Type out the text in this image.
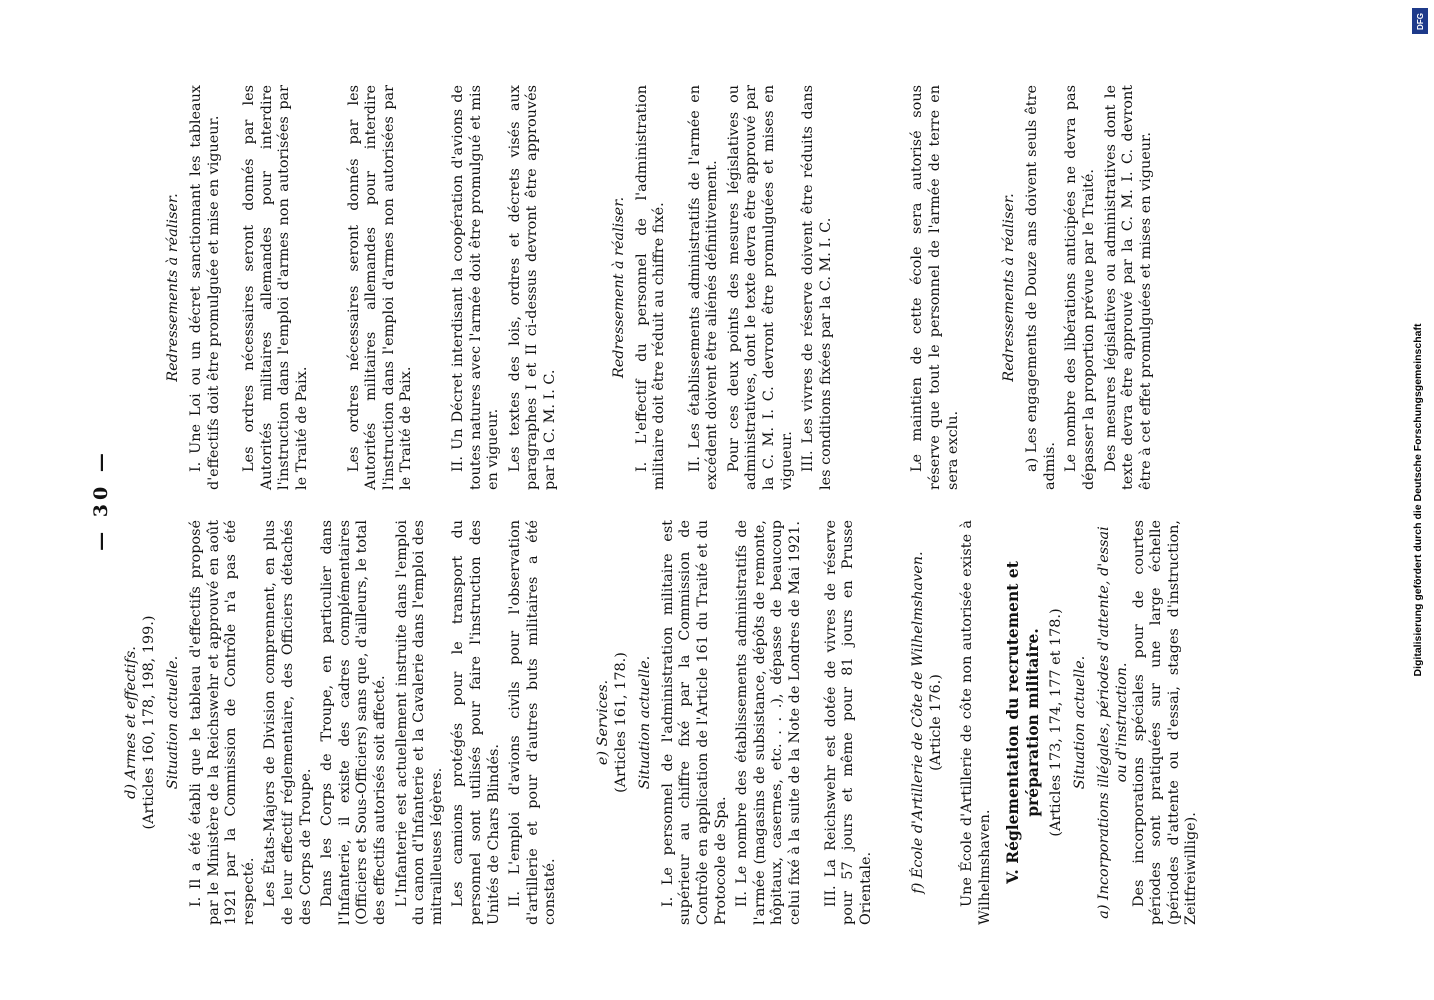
— 30 —
d) Armes et effectifs. (Articles 160, 178, 198, 199.) Situation actuelle. I. Il a été établi que le tableau d'effectifs proposé par le Ministère de la Reichswehr et approuvé en août 1921 par la Commission de Contrôle n'a pas été respecté. Les États-Majors de Division comprennent, en plus de leur effectif réglementaire, des Officiers détachés des Corps de Troupe. Dans les Corps de Troupe, en particulier dans l'Infanterie, il existe des cadres complémentaires (Officiers et Sous-Officiers) sans que, d'ailleurs, le total des effectifs autorisés soit affecté. L'Infanterie est actuellement instruite dans l'emploi du canon d'Infanterie et la Cavalerie dans l'emploi des mitrailleuses légères. Les camions protégés pour le transport du personnel sont utilisés pour faire l'instruction des Unités de Chars Blindés. II. L'emploi d'avions civils pour l'observation d'artillerie et pour d'autres buts militaires a été constaté.

e) Services. (Articles 161, 178.) Situation actuelle. I. Le personnel de l'administration militaire est supérieur au chiffre fixé par la Commission de Contrôle en application de l'Article 161 du Traité et du Protocole de Spa. II. Le nombre des établissements administratifs de l'armée (magasins de subsistance, dépôts de remonte, hôpitaux, casernes, etc. . . .), dépasse de beaucoup celui fixé à la suite de la Note de Londres de Mai 1921. III. La Reichswehr est dotée de vivres de réserve pour 57 jours et même pour 81 jours en Prusse Orientale.	f) École d'Artillerie de Côte de Wilhelmshaven. (Article 176.) Une École d'Artillerie de côte non autorisée existe à Wilhelmshaven. V. Réglementation du recrutement et préparation militaire. (Articles 173, 174, 177 et 178.) Situation actuelle. a) Incorporations illégales, périodes d'attente, d'essai ou d'instruction. Des incorporations spéciales pour de courtes périodes sont pratiquées sur une large échelle (périodes d'attente ou d'essai, stages d'instruction, Zeitfreiwillige).

Redressements à réaliser. I. Une Loi ou un décret sanctionnant les tableaux d'effectifs doit être promulguée et mise en vigueur. Les ordres nécessaires seront donnés par les Autorités militaires allemandes pour interdire l'instruction dans l'emploi d'armes non autorisées par le Traité de Paix. Les ordres nécessaires seront donnés par les Autorités militaires allemandes pour interdire l'instruction dans l'emploi d'armes non autorisées par le Traité de Paix. II. Un Décret interdisant la coopération d'avions de toutes natures avec l'armée doit être promulgué et mis en vigueur. Les textes des lois, ordres et décrets visés aux paragraphes I et II ci-dessus devront être approuvés par la C. M. I. C.

Redressement à réaliser. I. L'effectif du personnel de l'administration militaire doit être réduit au chiffre fixé. II. Les établissements administratifs de l'armée en excédent doivent être aliénés définitivement. Pour ces deux points des mesures législatives ou administratives, dont le texte devra être approuvé par la C. M. I. C. devront être promulguées et mises en vigueur. III. Les vivres de réserve doivent être réduits dans les conditions fixées par la C. M. I. C.	Le maintien de cette école sera autorisé sous réserve que tout le personnel de l'armée de terre en sera exclu.

Redressements à réaliser. a) Les engagements de Douze ans doivent seuls être admis. Le nombre des libérations anticipées ne devra pas dépasser la proportion prévue par le Traité. Des mesures législatives ou administratives dont le texte devra être approuvé par la C. M. I. C. devront être à cet effet promulguées et mises en vigueur.

Digitalisierung gefördert durch die Deutsche Forschungsgemeinschaft
DFG
